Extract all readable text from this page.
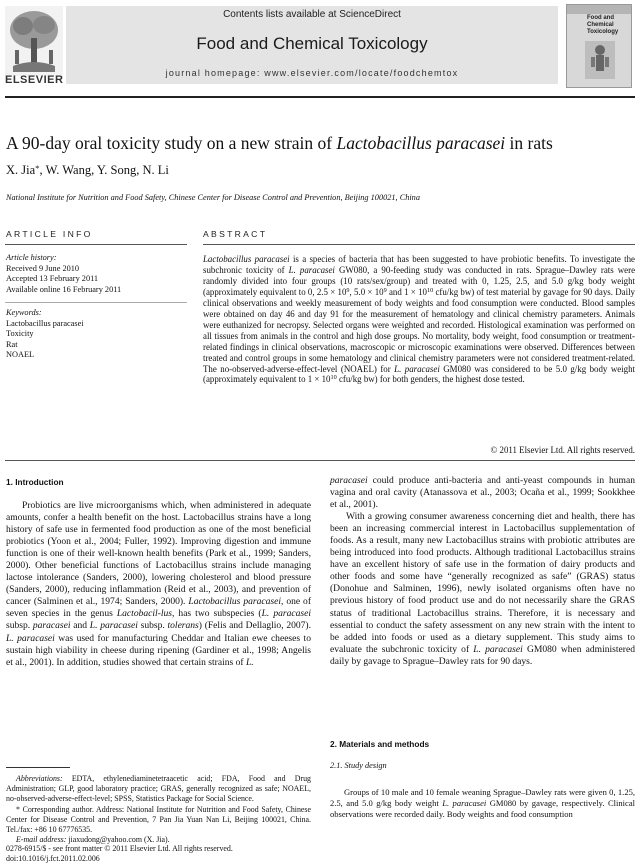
ELSEVIER
Contents lists available at ScienceDirect
Food and Chemical Toxicology
journal homepage: www.elsevier.com/locate/foodchemtox
Food and Chemical Toxicology
A 90-day oral toxicity study on a new strain of Lactobacillus paracasei in rats
X. Jia*, W. Wang, Y. Song, N. Li
National Institute for Nutrition and Food Safety, Chinese Center for Disease Control and Prevention, Beijing 100021, China
ARTICLE INFO	ABSTRACT
Article history:
Received 9 June 2010
Accepted 13 February 2011
Available online 16 February 2011
Keywords:
Lactobacillus paracasei
Toxicity
Rat
NOAEL
Lactobacillus paracasei is a species of bacteria that has been suggested to have probiotic benefits. To investigate the subchronic toxicity of L. paracasei GW080, a 90-feeding study was conducted in rats. Sprague–Dawley rats were randomly divided into four groups (10 rats/sex/group) and treated with 0, 1.25, 2.5, and 5.0 g/kg body weight (approximately equivalent to 0, $2.5 \times 10^9$, $5.0 \times 10^9$ and $1 \times 10^{10}$ cfu/kg bw) of test material by gavage for 90 days. Daily clinical observations and weekly measurement of body weights and food consumption were conducted. Blood samples were obtained on day 46 and day 91 for the measurement of hematology and clinical chemistry parameters. Animals were euthanized for necropsy. Selected organs were weighted and recorded. Histological examination was performed on all tissues from animals in the control and high dose groups. No mortality, body weight, food consumption or treatment-related findings in clinical observations, macroscopic or microscopic examinations were observed. Differences between treated and control groups in some hematology and clinical chemistry parameters were not considered treatment-related. The no-observed-adverse-effect-level (NOAEL) for L. paracasei GM080 was considered to be 5.0 g/kg body weight (approximately equivalent to $1 \times 10^{10}$ cfu/kg bw) for both genders, the highest dose tested.
© 2011 Elsevier Ltd. All rights reserved.
1. Introduction

Probiotics are live microorganisms which, when administered in adequate amounts, confer a health benefit on the host. Lactobacillus strains have a long history of safe use in fermented food production as one of the most beneficial probiotics (Yoon et al., 2004; Fuller, 1992). Improving digestion and immune function is one of their well-known health benefits (Park et al., 1999; Sanders, 2000). Other beneficial functions of Lactobacillus strains include managing lactose intolerance (Sanders, 2000), lowering cholesterol and blood pressure (Sanders, 2000), reducing inflammation (Reid et al., 2003), and prevention of cancer (Salminen et al., 1974; Sanders, 2000). Lactobacillus paracasei, one of seven species in the genus Lactobacil-lus, has two subspecies (L. paracasei subsp. paracasei and L. paracasei subsp. tolerans) (Felis and Dellaglio, 2007). L. paracasei was used for manufacturing Cheddar and Italian ewe cheeses to sustain high viability in cheese during ripening (Gardiner et al., 1998; Angelis et al., 2001). In addition, studies showed that certain strains of L.

Abbreviations: EDTA, ethylenediaminetetraacetic acid; FDA, Food and Drug Administration; GLP, good laboratory practice; GRAS, generally recognized as safe; NOAEL, no-observed-adverse-effect-level; SPSS, Statistics Package for Social Science.

* Corresponding author. Address: National Institute for Nutrition and Food Safety, Chinese Center for Disease Control and Prevention, 7 Pan Jia Yuan Nan Li, Beijing 100021, China. Tel./fax: +86 10 67776535.

E-mail address: jiaxudong@yahoo.com (X. Jia).

0278-6915/$ - see front matter © 2011 Elsevier Ltd. All rights reserved.
doi:10.1016/j.fct.2011.02.006

paracasei could produce anti-bacteria and anti-yeast compounds in human vagina and oral cavity (Atanassova et al., 2003; Ocaña et al., 1999; Sookkhee et al., 2001).

With a growing consumer awareness concerning diet and health, there has been an increasing commercial interest in Lactobacillus supplementation of foods. As a result, many new Lactobacillus strains with probiotic attributes are being introduced into food products. Although traditional Lactobacillus strains have an excellent history of safe use in the formation of dairy products and other foods and some have “generally recognized as safe” (GRAS) status (Donohue and Salminen, 1996), newly isolated organisms often have no previous history of food product use and do not necessarily share the GRAS status of traditional Lactobacillus strains. Therefore, it is necessary and essential to conduct the safety assessment on any new strain with the intent to be added into foods or used as a dietary supplement. This study aims to evaluate the subchronic toxicity of L. paracasei GM080 when administered daily by gavage to Sprague–Dawley rats for 90 days.

2. Materials and methods
2.1. Study design
Groups of 10 male and 10 female weaning Sprague–Dawley rats were given 0, 1.25, 2.5, and 5.0 g/kg body weight L. paracasei GM080 by gavage, respectively. Clinical observations were recorded daily. Body weights and food consumption
